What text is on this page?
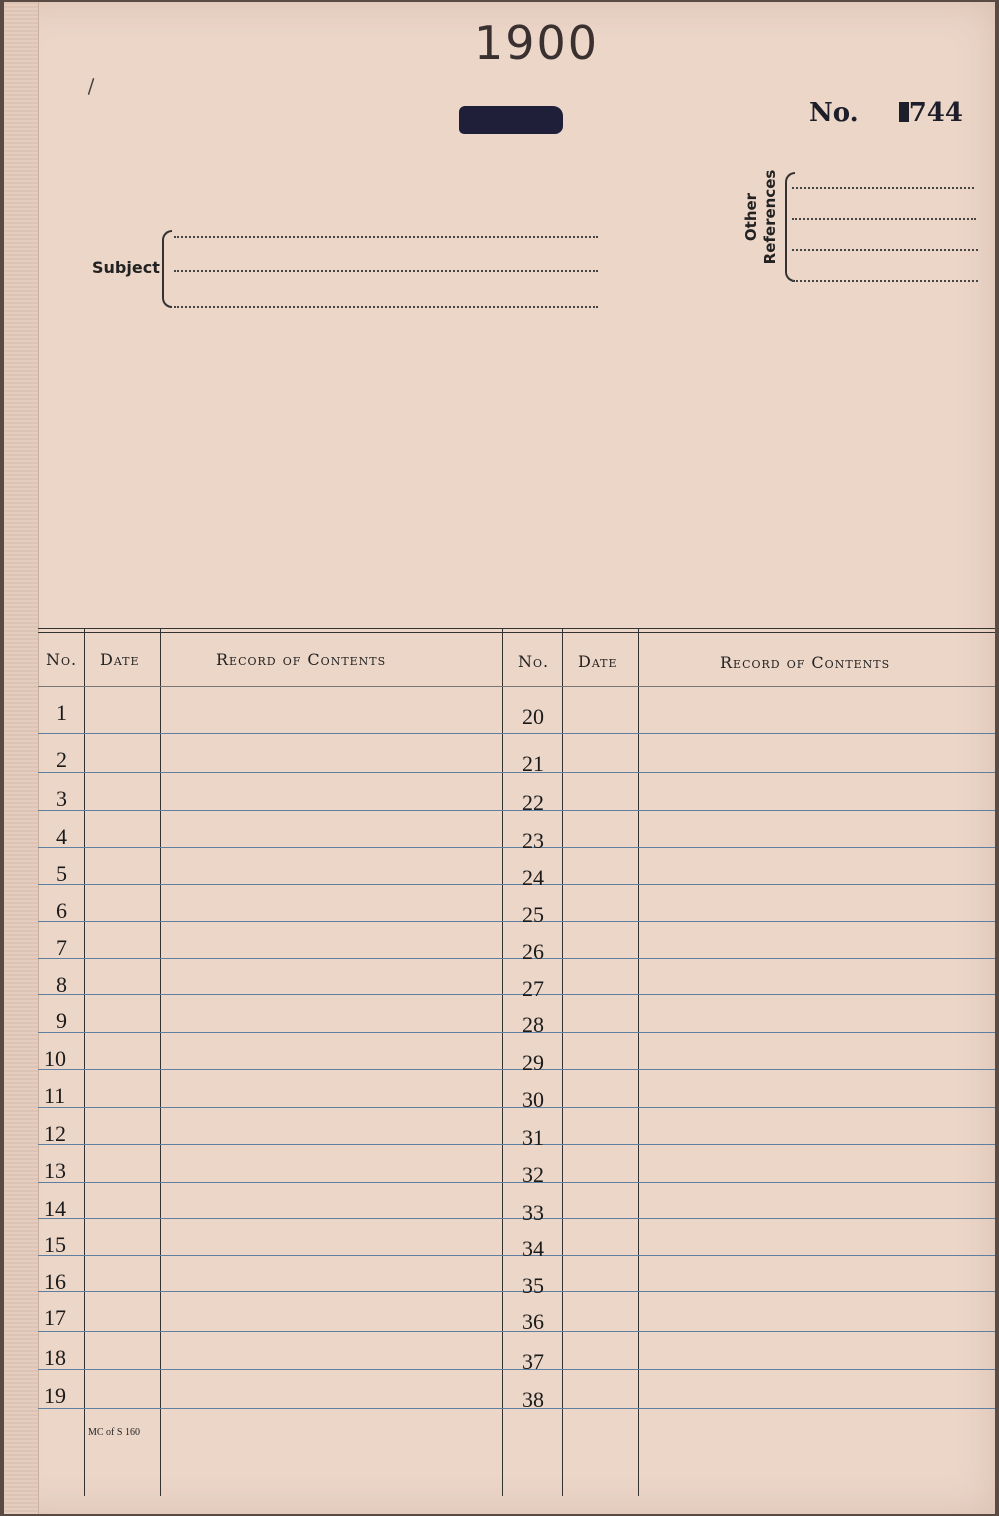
1900
No. 744
\
Subject
Other References
No. Date	Record of Contents	No. Date	Record of Contents
1	20
2	21
3	22
4	23
5	24
6	25
7	26
8	27
9	28
10	29
11	30
12	31
13	32
14	33
15	34
16	35
17	36
18	37
19	38
MC of S 160
